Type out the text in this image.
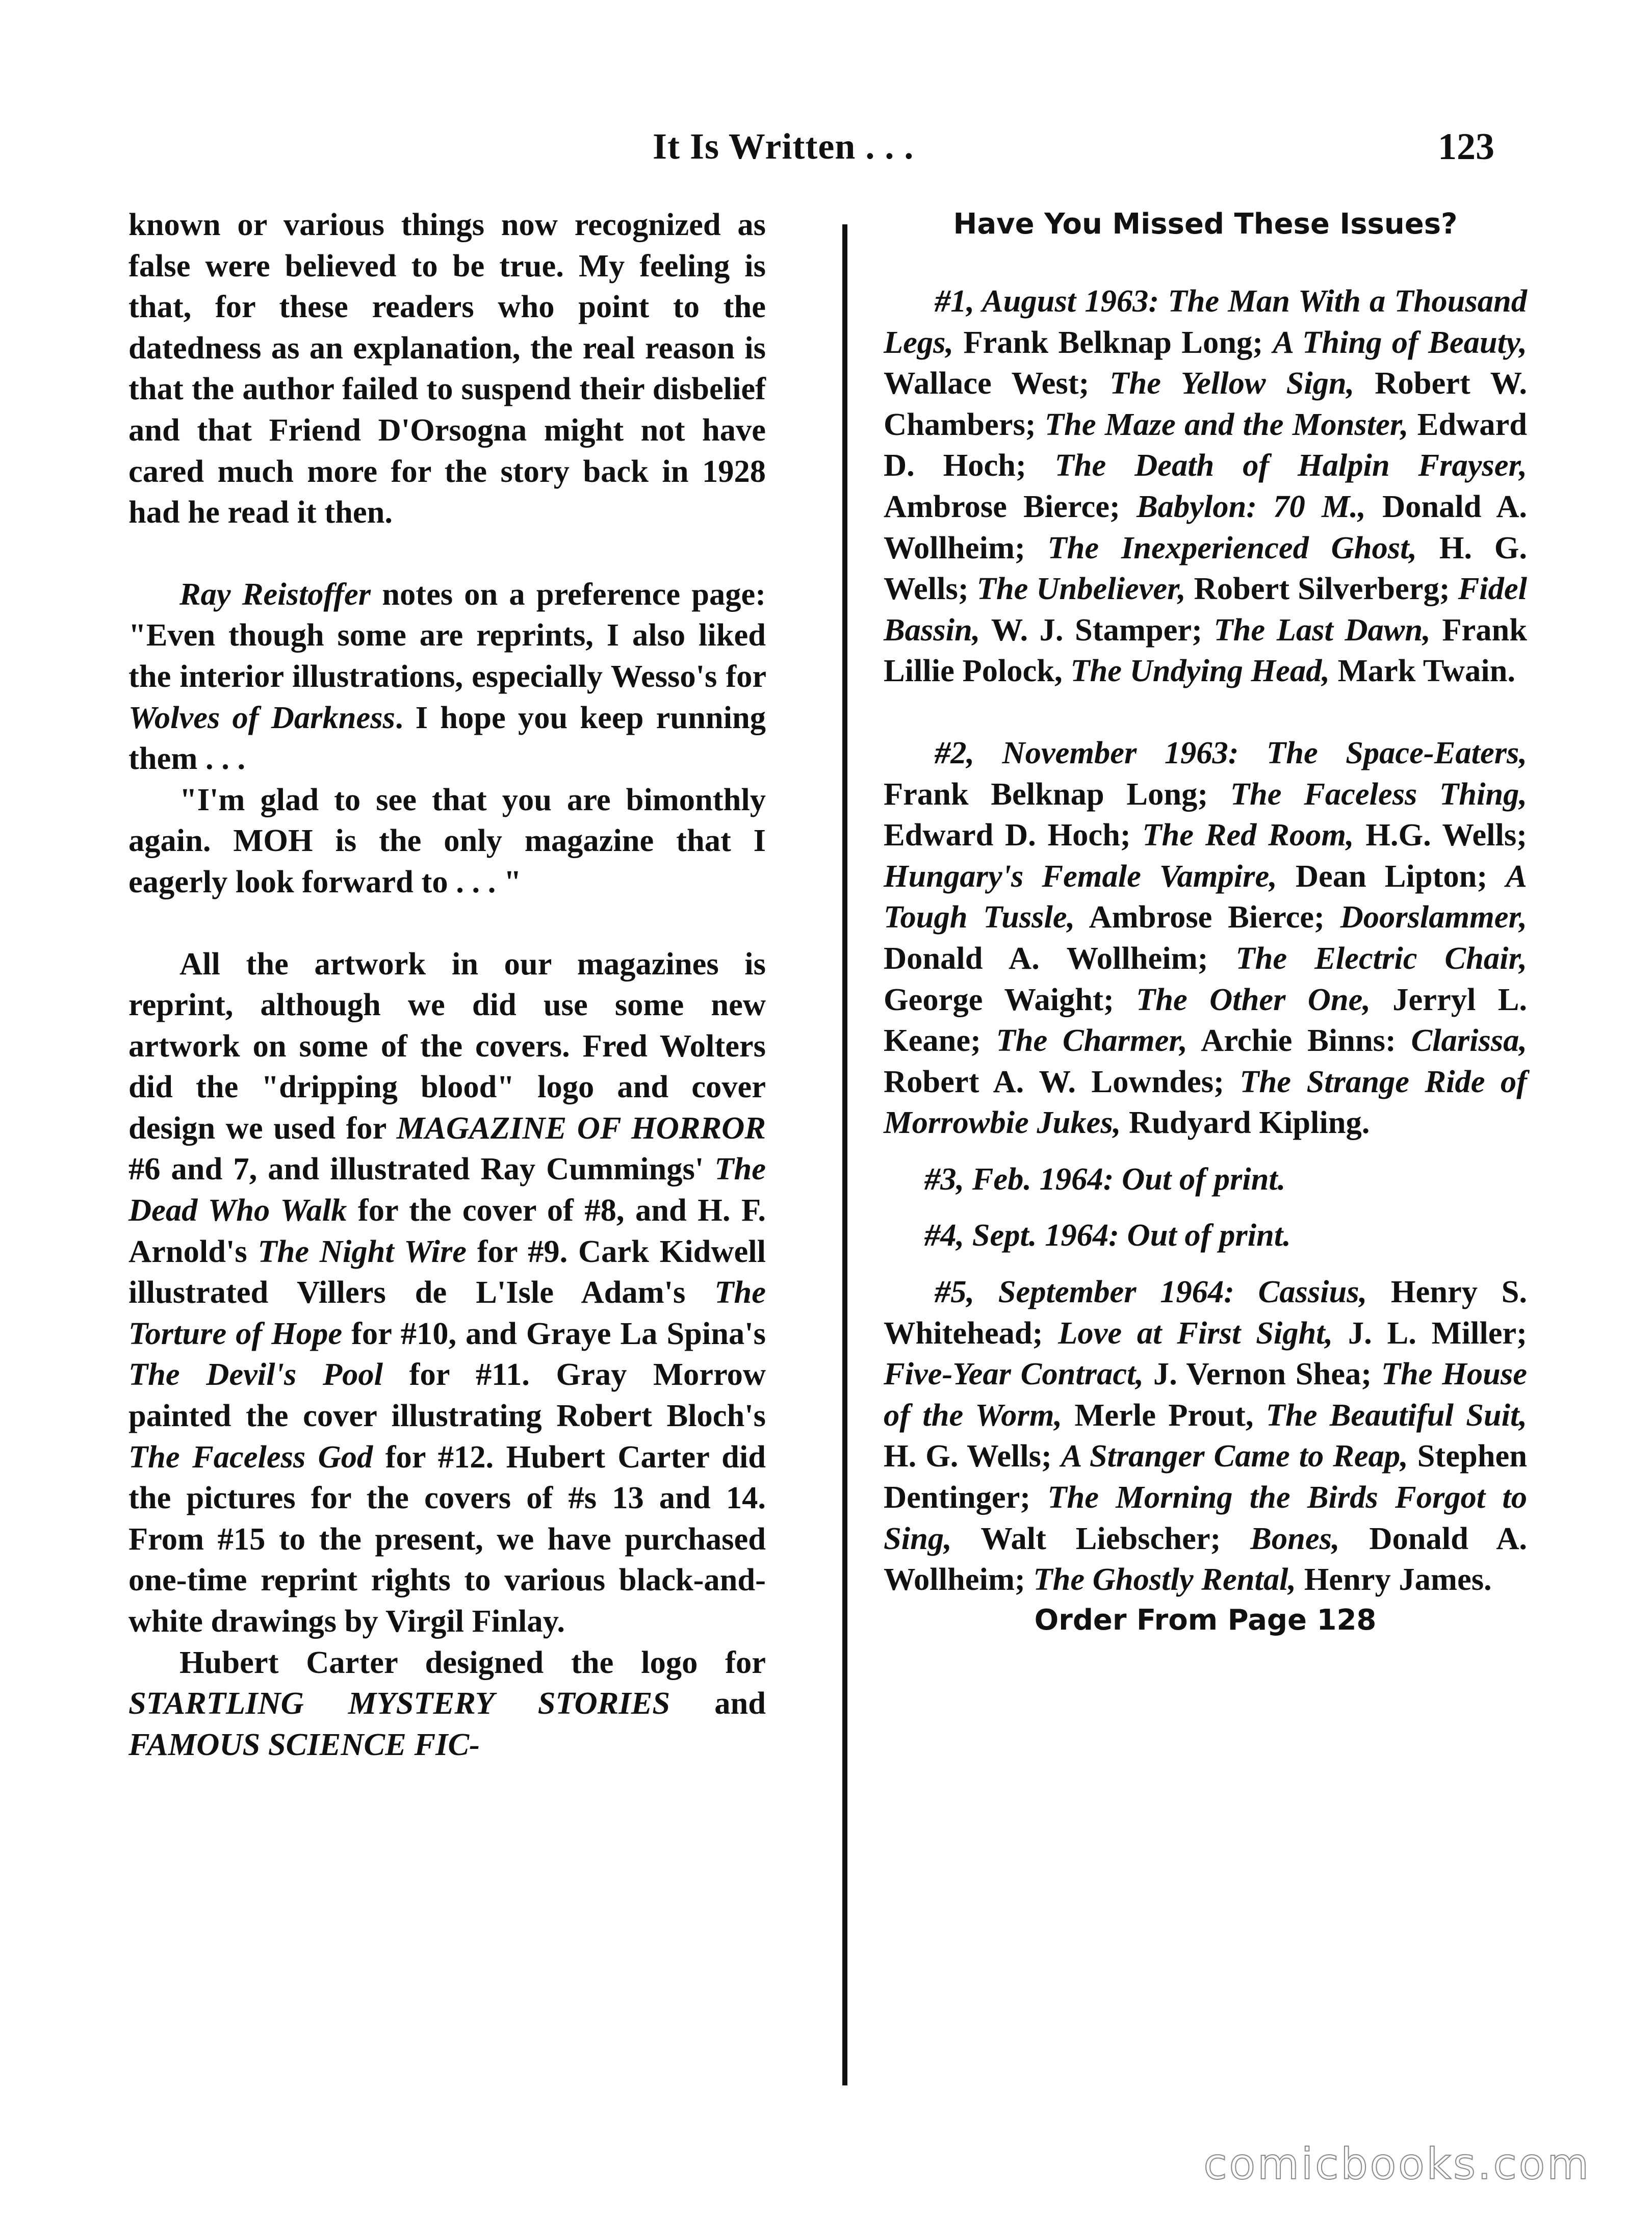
It Is Written . . .	123

known or various things now recognized as false were believed to be true. My feeling is that, for these readers who point to the datedness as an explanation, the real reason is that the author failed to suspend their disbelief and that Friend D'Orsogna might not have cared much more for the story back in 1928 had he read it then.

Ray Reistoffer notes on a preference page: "Even though some are reprints, I also liked the interior illustrations, especially Wesso's for Wolves of Darkness. I hope you keep running them . . .

"I'm glad to see that you are bimonthly again. MOH is the only magazine that I eagerly look forward to . . . "

All the artwork in our magazines is reprint, although we did use some new artwork on some of the covers. Fred Wolters did the "dripping blood" logo and cover design we used for MAGAZINE OF HORROR #6 and 7, and illustrated Ray Cummings' The Dead Who Walk for the cover of #8, and H. F. Arnold's The Night Wire for #9. Cark Kidwell illustrated Villers de L'Isle Adam's The Torture of Hope for #10, and Graye La Spina's The Devil's Pool for #11. Gray Morrow painted the cover illustrating Robert Bloch's The Faceless God for #12. Hubert Carter did the pictures for the covers of #s 13 and 14. From #15 to the present, we have purchased one-time reprint rights to various black-and-white drawings by Virgil Finlay.

Hubert Carter designed the logo for STARTLING MYSTERY STORIES and FAMOUS SCIENCE FIC-

Have You Missed These Issues?

#1, August 1963: The Man With a Thousand Legs, Frank Belknap Long; A Thing of Beauty, Wallace West; The Yellow Sign, Robert W. Chambers; The Maze and the Monster, Edward D. Hoch; The Death of Halpin Frayser, Ambrose Bierce; Babylon: 70 M., Donald A. Wollheim; The Inexperienced Ghost, H. G. Wells; The Unbeliever, Robert Silverberg; Fidel Bassin, W. J. Stamper; The Last Dawn, Frank Lillie Polock, The Undying Head, Mark Twain.

#2, November 1963: The Space-Eaters, Frank Belknap Long; The Faceless Thing, Edward D. Hoch; The Red Room, H.G. Wells; Hungary's Female Vampire, Dean Lipton; A Tough Tussle, Ambrose Bierce; Doorslammer, Donald A. Wollheim; The Electric Chair, George Waight; The Other One, Jerryl L. Keane; The Charmer, Archie Binns: Clarissa, Robert A. W. Lowndes; The Strange Ride of Morrowbie Jukes, Rudyard Kipling.

#3, Feb. 1964: Out of print.

#4, Sept. 1964: Out of print.

#5, September 1964: Cassius, Henry S. Whitehead; Love at First Sight, J. L. Miller; Five-Year Contract, J. Vernon Shea; The House of the Worm, Merle Prout, The Beautiful Suit, H. G. Wells; A Stranger Came to Reap, Stephen Dentinger; The Morning the Birds Forgot to Sing, Walt Liebscher; Bones, Donald A. Wollheim; The Ghostly Rental, Henry James.

Order From Page 128

comicbooks.com
